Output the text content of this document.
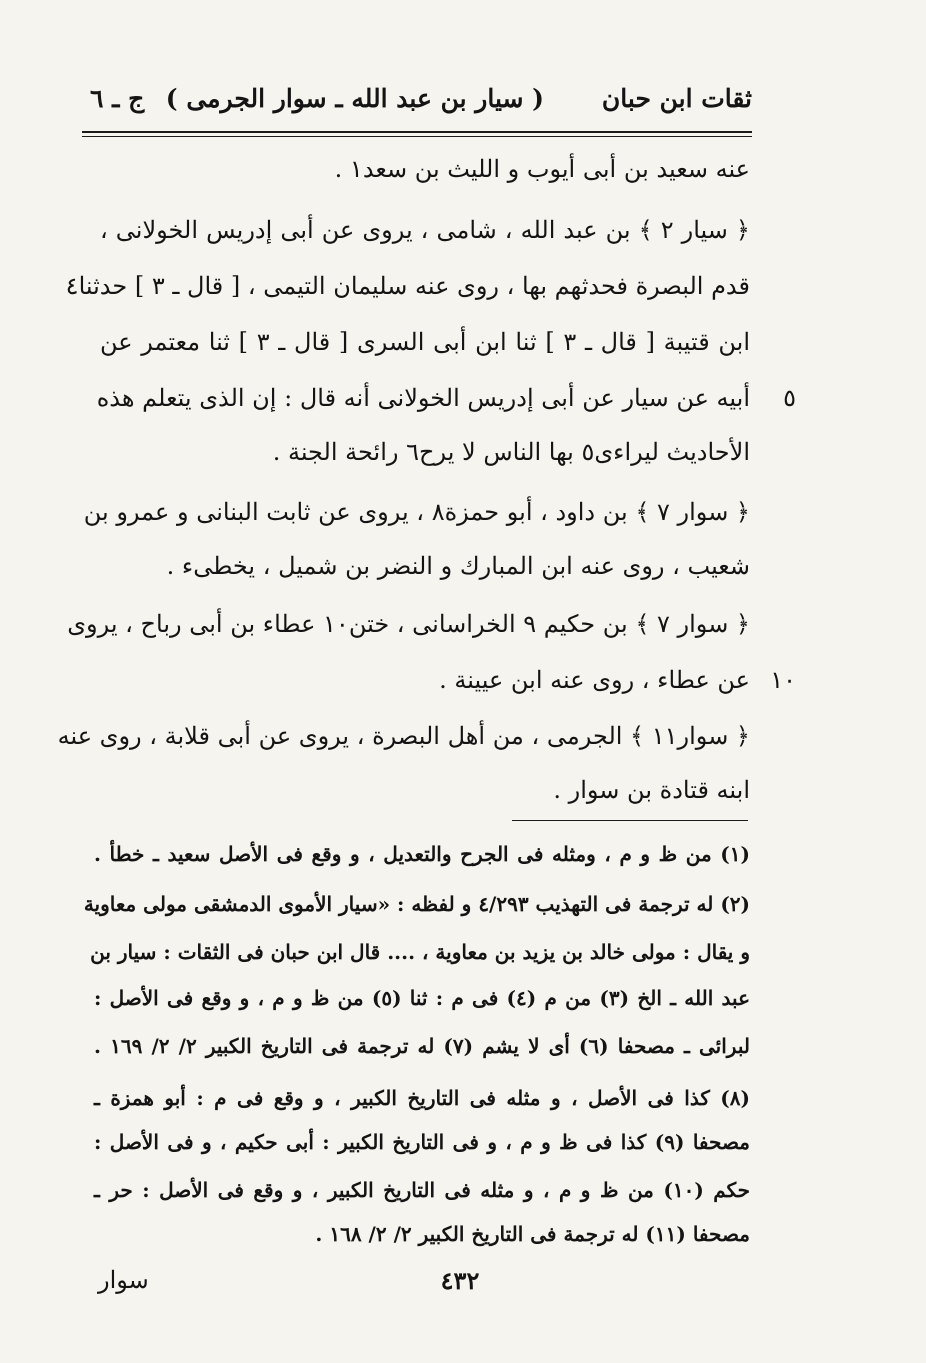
ثقات ابن حبان
( سيار بن عبد الله ـ سوار الجرمى )
ج ـ ٦
عنه سعيد بن أبى أيوب و الليث بن سعد١ .
﴿ سيار ٢ ﴾ بن عبد الله ، شامى ، يروى عن أبى إدريس الخولانى ،
قدم البصرة فحدثهم بها ، روى عنه سليمان التيمى ، [ قال ـ ٣ ] حدثنا٤
ابن قتيبة [ قال ـ ٣ ] ثنا ابن أبى السرى [ قال ـ ٣ ] ثنا معتمر عن
أبيه عن سيار عن أبى إدريس الخولانى أنه قال : إن الذى يتعلم هذه	٥
الأحاديث ليراءى٥ بها الناس لا يرح٦ رائحة الجنة .
﴿ سوار ٧ ﴾ بن داود ، أبو حمزة٨ ، يروى عن ثابت البنانى و عمرو بن
شعيب ، روى عنه ابن المبارك و النضر بن شميل ، يخطىء .
﴿ سوار ٧ ﴾ بن حكيم ٩ الخراسانى ، ختن١٠ عطاء بن أبى رباح ، يروى
عن عطاء ، روى عنه ابن عيينة . ١٠
﴿ سوار١١ ﴾ الجرمى ، من أهل البصرة ، يروى عن أبى قلابة ، روى عنه
ابنه قتادة بن سوار .
(١) من ظ و م ، ومثله فى الجرح والتعديل ، و وقع فى الأصل سعيد ـ خطأ .
(٢) له ترجمة فى التهذيب ٤/٢٩٣ و لفظه : «سيار الأموى الدمشقى مولى معاوية
و يقال : مولى خالد بن يزيد بن معاوية ، .... قال ابن حبان فى الثقات : سيار بن
عبد الله ـ الخ (٣) من م (٤) فى م : ثنا (٥) من ظ و م ، و وقع فى الأصل :
لبرائى ـ مصحفا (٦) أى لا يشم (٧) له ترجمة فى التاريخ الكبير ٢/ ٢/ ١٦٩ .
(٨) كذا فى الأصل ، و مثله فى التاريخ الكبير ، و وقع فى م : أبو همزة ـ
مصحفا (٩) كذا فى ظ و م ، و فى التاريخ الكبير : أبى حكيم ، و فى الأصل :
حكم (١٠) من ظ و م ، و مثله فى التاريخ الكبير ، و وقع فى الأصل : حر ـ
مصحفا (١١) له ترجمة فى التاريخ الكبير ٢/ ٢/ ١٦٨ .
٤٣٢
سوار
